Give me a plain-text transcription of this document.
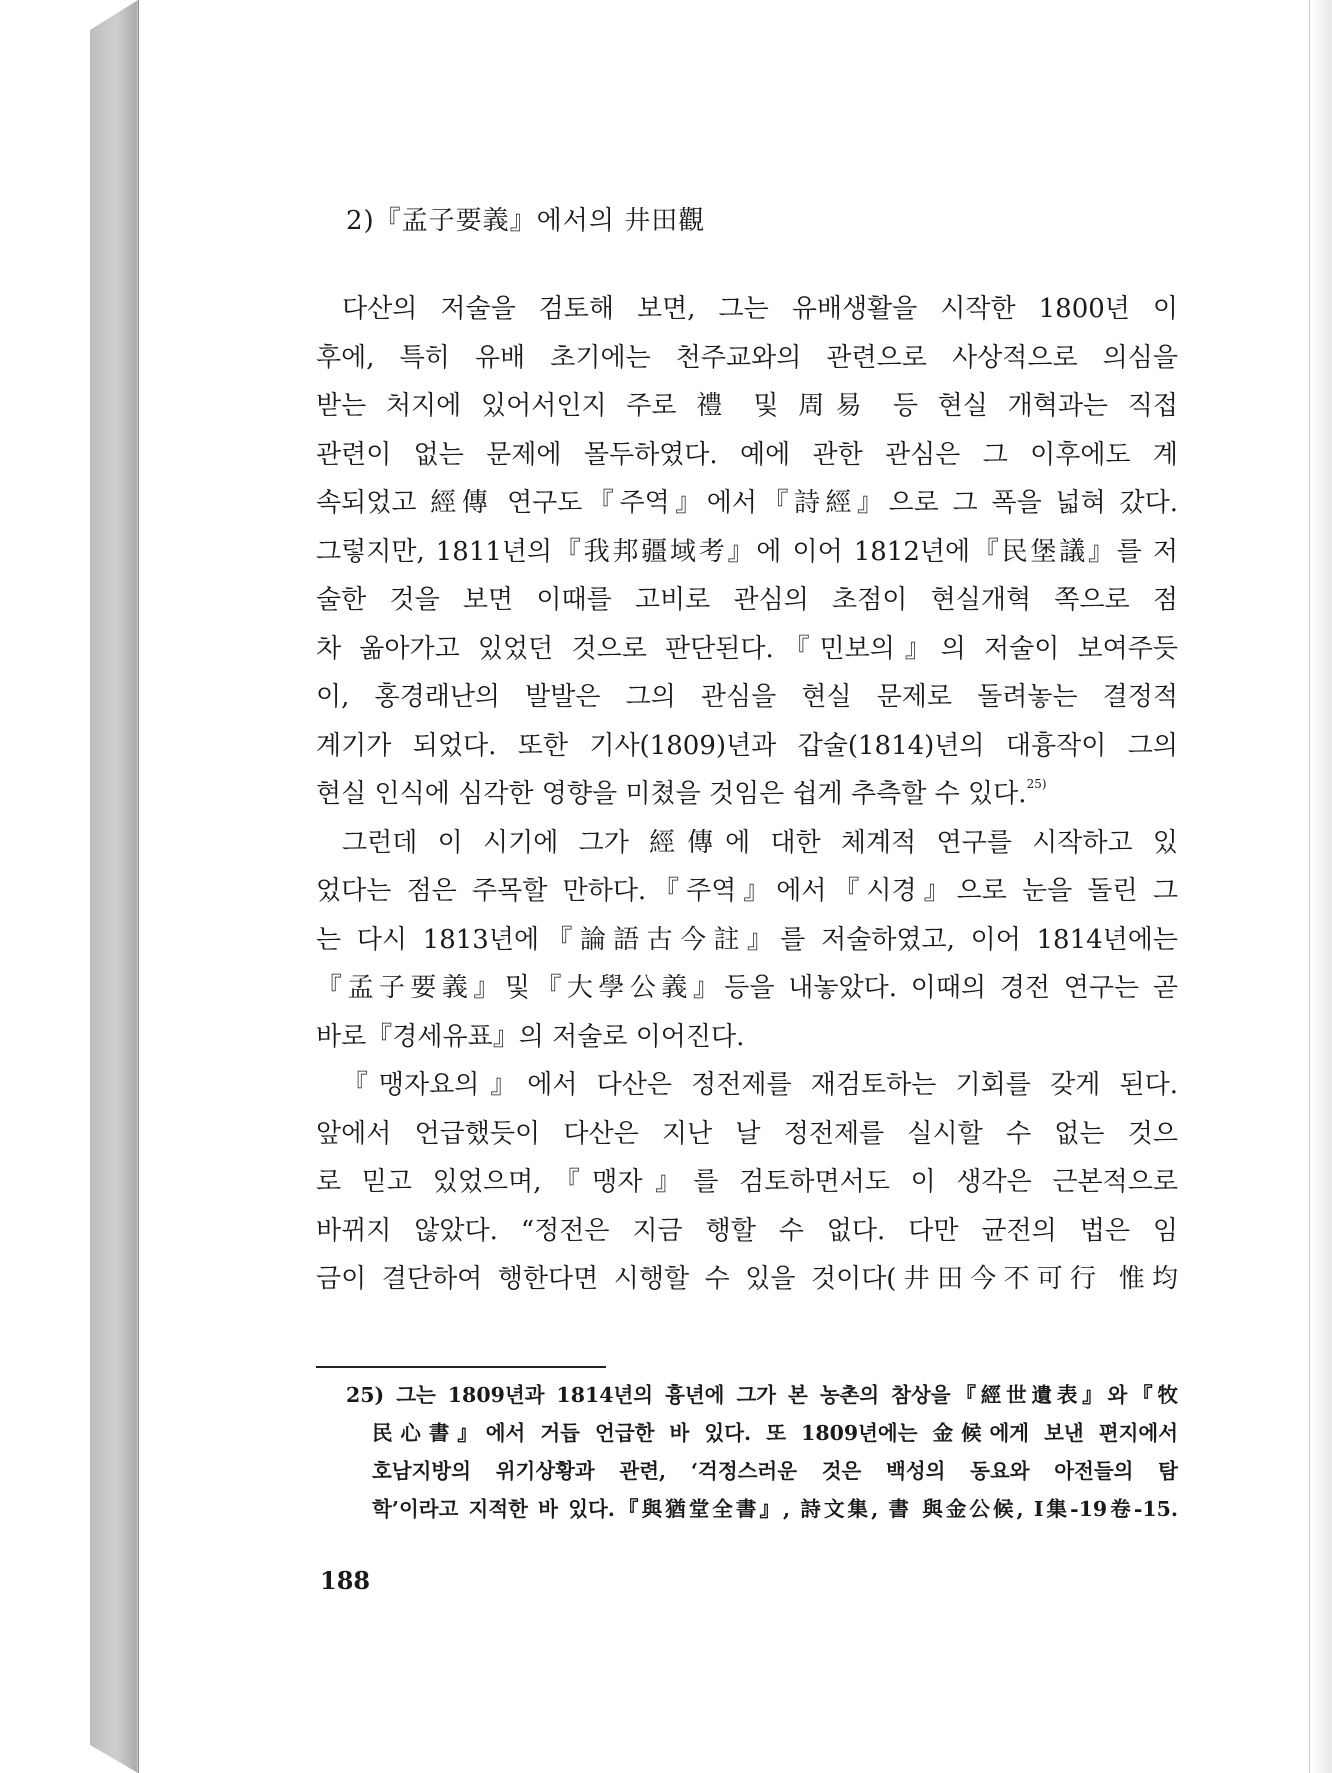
2)『孟子要義』에서의 井田觀
다산의 저술을 검토해 보면, 그는 유배생활을 시작한 1800년 이
후에, 특히 유배 초기에는 천주교와의 관련으로 사상적으로 의심을
받는 처지에 있어서인지 주로 禮 및 周易 등 현실 개혁과는 직접
관련이 없는 문제에 몰두하였다. 예에 관한 관심은 그 이후에도 계
속되었고 經傳 연구도『주역』에서『詩經』으로 그 폭을 넓혀 갔다.
그렇지만, 1811년의『我邦疆域考』에 이어 1812년에『民堡議』를 저
술한 것을 보면 이때를 고비로 관심의 초점이 현실개혁 쪽으로 점
차 옮아가고 있었던 것으로 판단된다.『민보의』의 저술이 보여주듯
이, 홍경래난의 발발은 그의 관심을 현실 문제로 돌려놓는 결정적
계기가 되었다. 또한 기사(1809)년과 갑술(1814)년의 대흉작이 그의
현실 인식에 심각한 영향을 미쳤을 것임은 쉽게 추측할 수 있다.$^{25)}$
그런데 이 시기에 그가 經傳에 대한 체계적 연구를 시작하고 있
었다는 점은 주목할 만하다.『주역』에서『시경』으로 눈을 돌린 그
는 다시 1813년에『論語古今註』를 저술하였고, 이어 1814년에는
『孟子要義』및『大學公義』등을 내놓았다. 이때의 경전 연구는 곧
바로『경세유표』의 저술로 이어진다.
『맹자요의』에서 다산은 정전제를 재검토하는 기회를 갖게 된다.
앞에서 언급했듯이 다산은 지난 날 정전제를 실시할 수 없는 것으
로 믿고 있었으며,『맹자』를 검토하면서도 이 생각은 근본적으로
바뀌지 않았다. “정전은 지금 행할 수 없다. 다만 균전의 법은 임
금이 결단하여 행한다면 시행할 수 있을 것이다(井田今不可行 惟均
25) 그는 1809년과 1814년의 흉년에 그가 본 농촌의 참상을『經世遺表』와『牧
民心書』에서 거듭 언급한 바 있다. 또 1809년에는 金候에게 보낸 편지에서
호남지방의 위기상황과 관련, ‘걱정스러운 것은 백성의 동요와 아전들의 탐
학’이라고 지적한 바 있다.『與猶堂全書』, 詩文集, 書 與金公候, I集-19卷-15.
188
